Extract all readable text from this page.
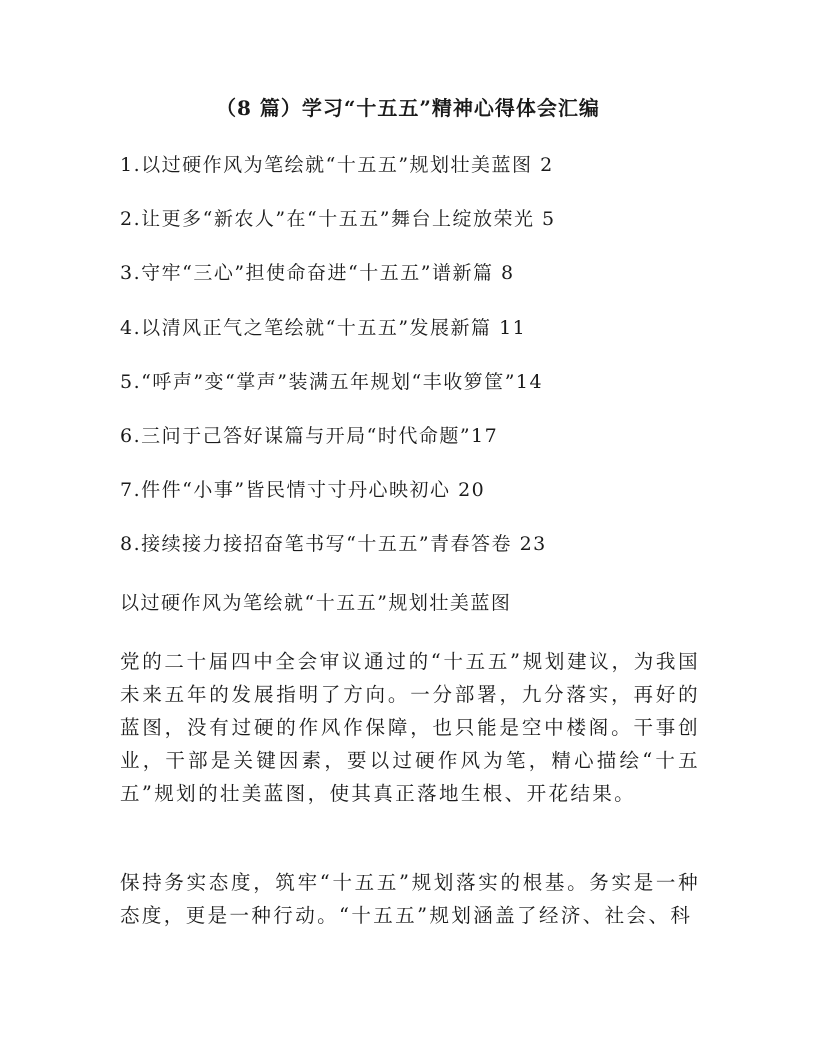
（8 篇）学习“十五五”精神心得体会汇编
1.以过硬作风为笔绘就“十五五”规划壮美蓝图 2
2.让更多“新农人”在“十五五”舞台上绽放荣光 5
3.守牢“三心”担使命奋进“十五五”谱新篇 8
4.以清风正气之笔绘就“十五五”发展新篇 11
5.“呼声”变“掌声”装满五年规划“丰收箩筐”14
6.三问于己答好谋篇与开局“时代命题”17
7.件件“小事”皆民情寸寸丹心映初心 20
8.接续接力接招奋笔书写“十五五”青春答卷 23
以过硬作风为笔绘就“十五五”规划壮美蓝图

党的二十届四中全会审议通过的“十五五”规划建议，为我国未来五年的发展指明了方向。一分部署，九分落实，再好的蓝图，没有过硬的作风作保障，也只能是空中楼阁。干事创业，干部是关键因素，要以过硬作风为笔，精心描绘“十五五”规划的壮美蓝图，使其真正落地生根、开花结果。

保持务实态度，筑牢“十五五”规划落实的根基。务实是一种态度，更是一种行动。“十五五”规划涵盖了经济、社会、科
